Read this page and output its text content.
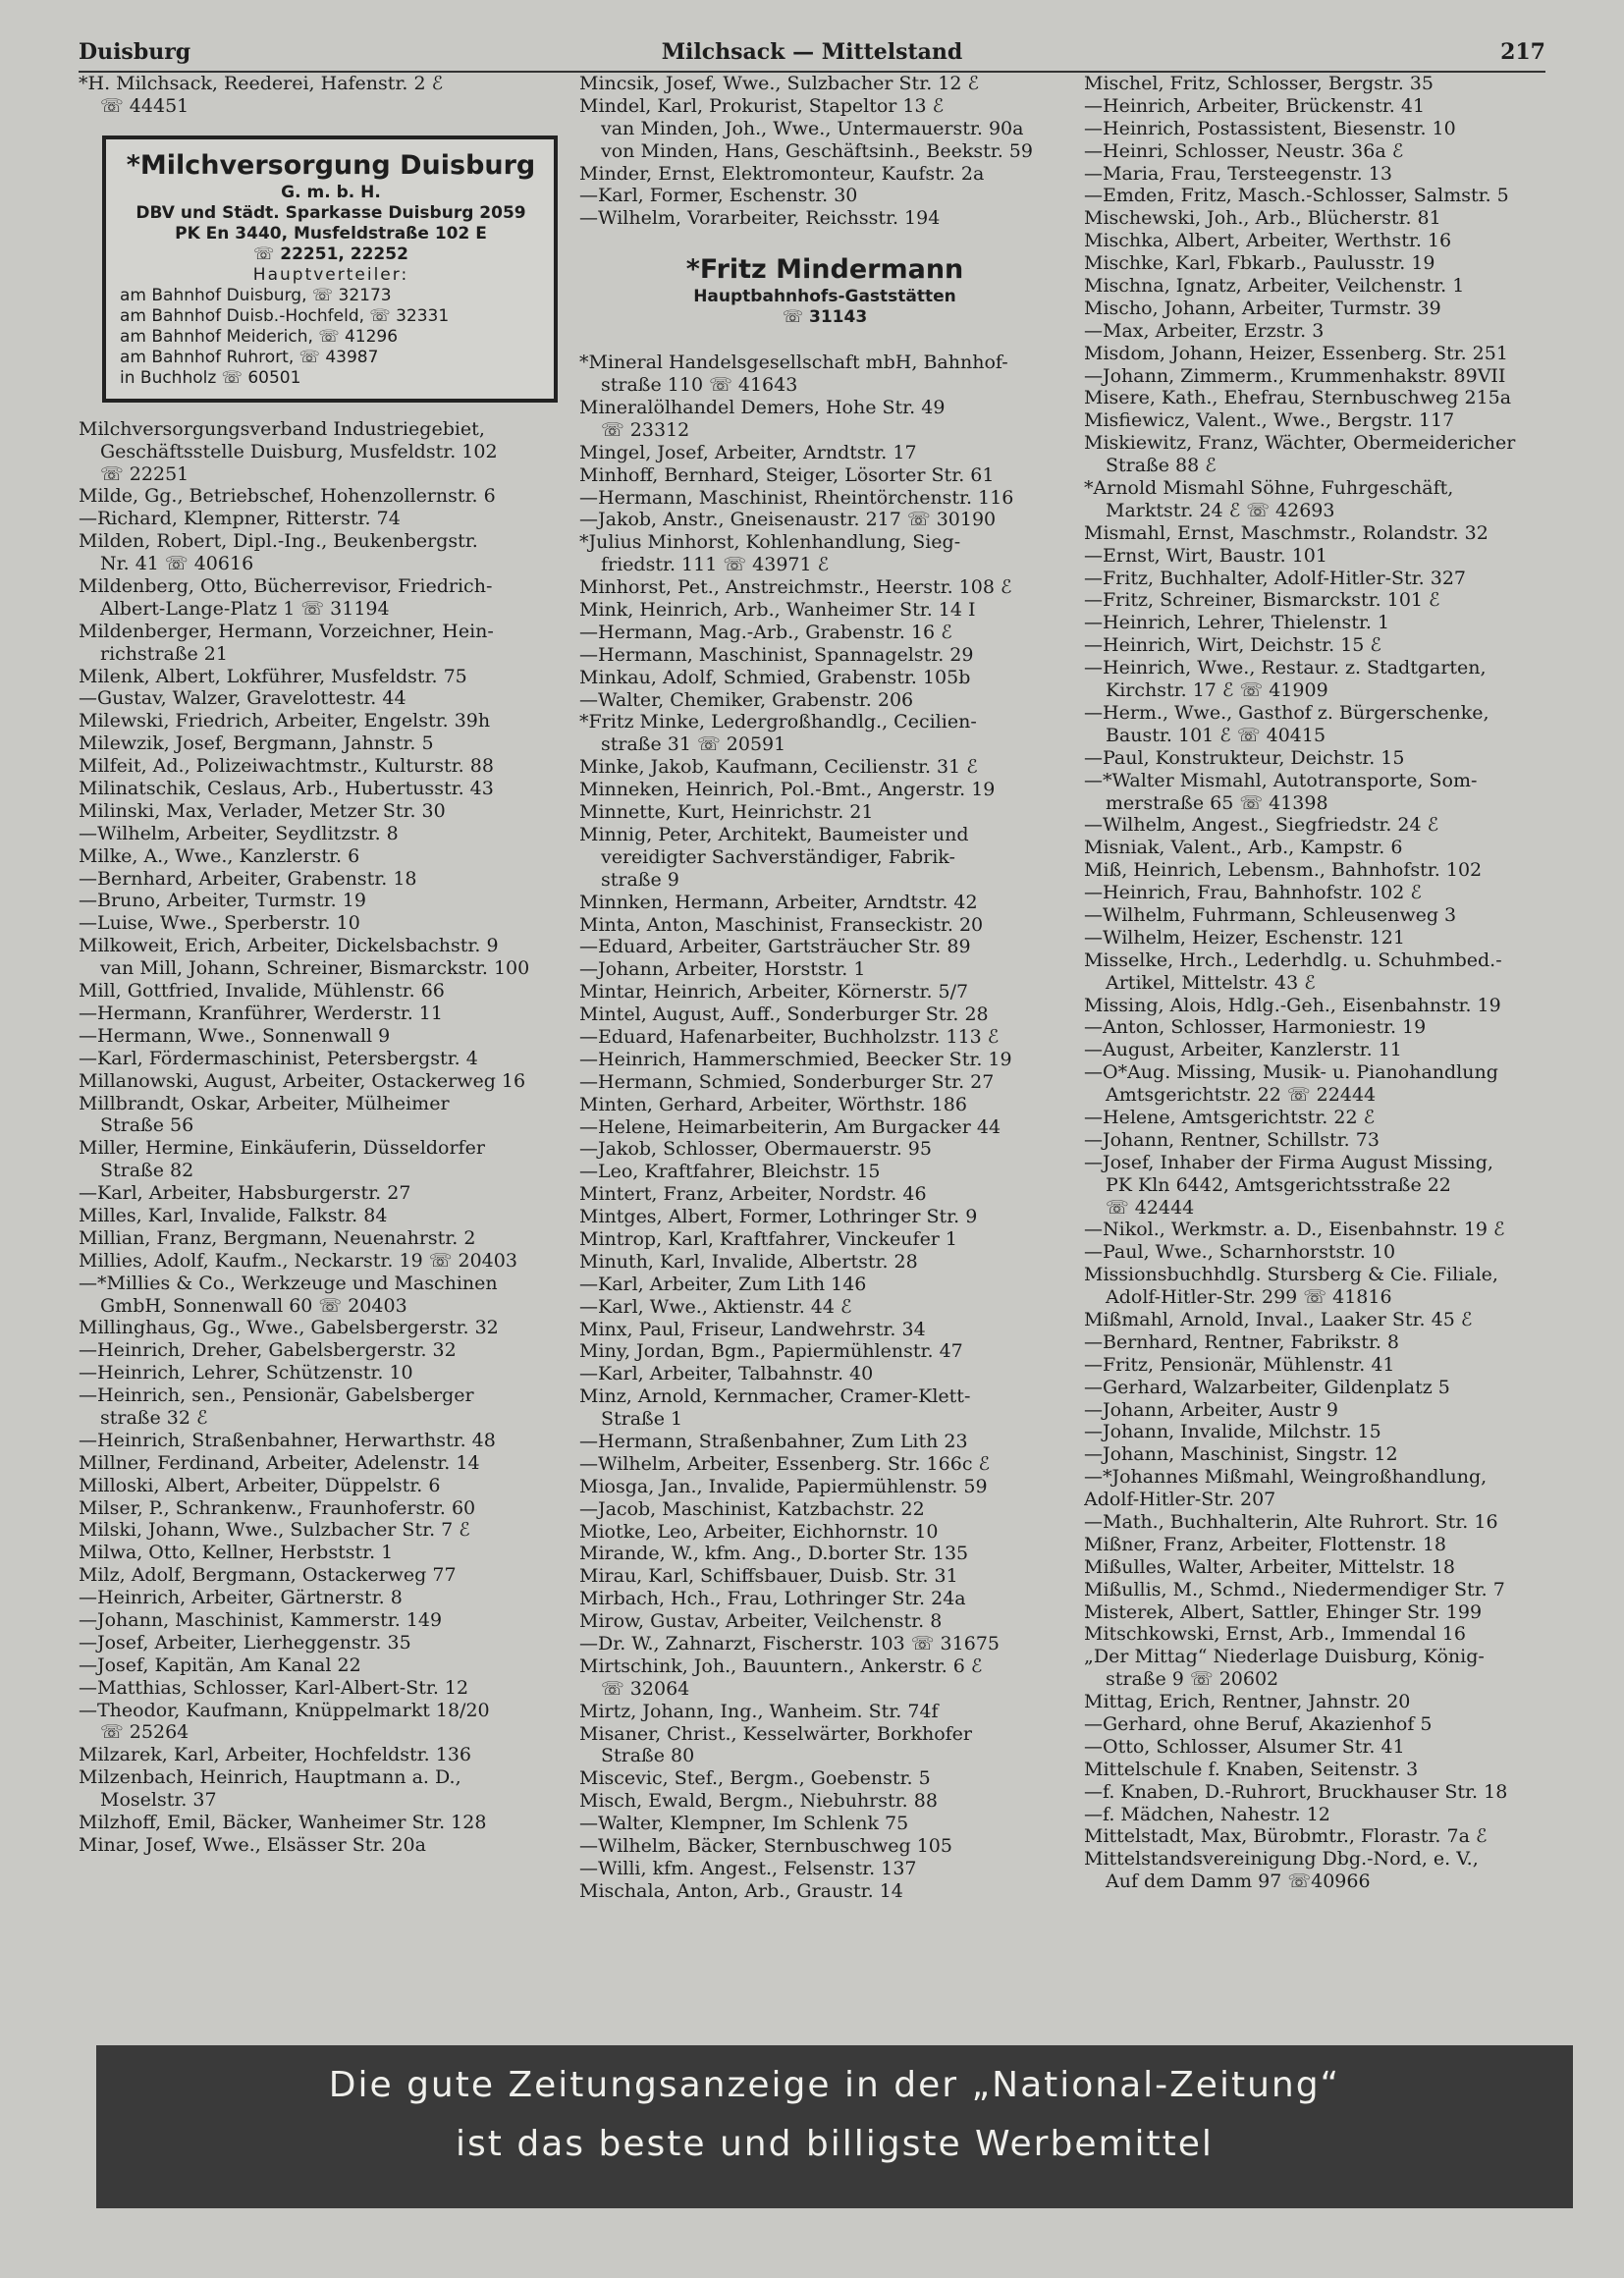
Duisburg	Milchsack — Mittelstand	217
*H. Milchsack, Reederei, Hafenstr. 2 ℰ
☏ 44451
*Milchversorgung Duisburg
G. m. b. H.
DBV und Städt. Sparkasse Duisburg 2059
PK En 3440, Musfeldstraße 102 E
☏ 22251, 22252
Hauptverteiler:
am Bahnhof Duisburg, ☏ 32173
am Bahnhof Duisb.-Hochfeld, ☏ 32331
am Bahnhof Meiderich, ☏ 41296
am Bahnhof Ruhrort, ☏ 43987
in Buchholz ☏ 60501
Milchversorgungsverband Industriegebiet,
Geschäftsstelle Duisburg, Musfeldstr. 102
☏ 22251
Milde, Gg., Betriebschef, Hohenzollernstr. 6
—Richard, Klempner, Ritterstr. 74
Milden, Robert, Dipl.-Ing., Beukenbergstr.
Nr. 41 ☏ 40616
Mildenberg, Otto, Bücherrevisor, Friedrich-
Albert-Lange-Platz 1 ☏ 31194
Mildenberger, Hermann, Vorzeichner, Hein-
richstraße 21
Milenk, Albert, Lokführer, Musfeldstr. 75
—Gustav, Walzer, Gravelottestr. 44
Milewski, Friedrich, Arbeiter, Engelstr. 39h
Milewzik, Josef, Bergmann, Jahnstr. 5
Milfeit, Ad., Polizeiwachtmstr., Kulturstr. 88
Milinatschik, Ceslaus, Arb., Hubertusstr. 43
Milinski, Max, Verlader, Metzer Str. 30
—Wilhelm, Arbeiter, Seydlitzstr. 8
Milke, A., Wwe., Kanzlerstr. 6
—Bernhard, Arbeiter, Grabenstr. 18
—Bruno, Arbeiter, Turmstr. 19
—Luise, Wwe., Sperberstr. 10
Milkoweit, Erich, Arbeiter, Dickelsbachstr. 9
van Mill, Johann, Schreiner, Bismarckstr. 100
Mill, Gottfried, Invalide, Mühlenstr. 66
—Hermann, Kranführer, Werderstr. 11
—Hermann, Wwe., Sonnenwall 9
—Karl, Fördermaschinist, Petersbergstr. 4
Millanowski, August, Arbeiter, Ostackerweg 16
Millbrandt, Oskar, Arbeiter, Mülheimer
Straße 56
Miller, Hermine, Einkäuferin, Düsseldorfer
Straße 82
—Karl, Arbeiter, Habsburgerstr. 27
Milles, Karl, Invalide, Falkstr. 84
Millian, Franz, Bergmann, Neuenahrstr. 2
Millies, Adolf, Kaufm., Neckarstr. 19 ☏ 20403
—*Millies & Co., Werkzeuge und Maschinen
GmbH, Sonnenwall 60 ☏ 20403
Millinghaus, Gg., Wwe., Gabelsbergerstr. 32
—Heinrich, Dreher, Gabelsbergerstr. 32
—Heinrich, Lehrer, Schützenstr. 10
—Heinrich, sen., Pensionär, Gabelsberger
straße 32 ℰ
—Heinrich, Straßenbahner, Herwarthstr. 48
Millner, Ferdinand, Arbeiter, Adelenstr. 14
Milloski, Albert, Arbeiter, Düppelstr. 6
Milser, P., Schrankenw., Fraunhoferstr. 60
Milski, Johann, Wwe., Sulzbacher Str. 7 ℰ
Milwa, Otto, Kellner, Herbststr. 1
Milz, Adolf, Bergmann, Ostackerweg 77
—Heinrich, Arbeiter, Gärtnerstr. 8
—Johann, Maschinist, Kammerstr. 149
—Josef, Arbeiter, Lierheggenstr. 35
—Josef, Kapitän, Am Kanal 22
—Matthias, Schlosser, Karl-Albert-Str. 12
—Theodor, Kaufmann, Knüppelmarkt 18/20
☏ 25264
Milzarek, Karl, Arbeiter, Hochfeldstr. 136
Milzenbach, Heinrich, Hauptmann a. D.,
Moselstr. 37
Milzhoff, Emil, Bäcker, Wanheimer Str. 128
Minar, Josef, Wwe., Elsässer Str. 20a
Mincsik, Josef, Wwe., Sulzbacher Str. 12 ℰ
Mindel, Karl, Prokurist, Stapeltor 13 ℰ
van Minden, Joh., Wwe., Untermauerstr. 90a
von Minden, Hans, Geschäftsinh., Beekstr. 59
Minder, Ernst, Elektromonteur, Kaufstr. 2a
—Karl, Former, Eschenstr. 30
—Wilhelm, Vorarbeiter, Reichsstr. 194
*Fritz Mindermann
Hauptbahnhofs-Gaststätten
☏ 31143
*Mineral Handelsgesellschaft mbH, Bahnhof-
straße 110 ☏ 41643
Mineralölhandel Demers, Hohe Str. 49
☏ 23312
Mingel, Josef, Arbeiter, Arndtstr. 17
Minhoff, Bernhard, Steiger, Lösorter Str. 61
—Hermann, Maschinist, Rheintörchenstr. 116
—Jakob, Anstr., Gneisenaustr. 217 ☏ 30190
*Julius Minhorst, Kohlenhandlung, Sieg-
friedstr. 111 ☏ 43971 ℰ
Minhorst, Pet., Anstreichmstr., Heerstr. 108 ℰ
Mink, Heinrich, Arb., Wanheimer Str. 14 I
—Hermann, Mag.-Arb., Grabenstr. 16 ℰ
—Hermann, Maschinist, Spannagelstr. 29
Minkau, Adolf, Schmied, Grabenstr. 105b
—Walter, Chemiker, Grabenstr. 206
*Fritz Minke, Ledergroßhandlg., Cecilien-
straße 31 ☏ 20591
Minke, Jakob, Kaufmann, Cecilienstr. 31 ℰ
Minneken, Heinrich, Pol.-Bmt., Angerstr. 19
Minnette, Kurt, Heinrichstr. 21
Minnig, Peter, Architekt, Baumeister und
vereidigter Sachverständiger, Fabrik-
straße 9
Minnken, Hermann, Arbeiter, Arndtstr. 42
Minta, Anton, Maschinist, Franseckistr. 20
—Eduard, Arbeiter, Gartsträucher Str. 89
—Johann, Arbeiter, Horststr. 1
Mintar, Heinrich, Arbeiter, Körnerstr. 5/7
Mintel, August, Auff., Sonderburger Str. 28
—Eduard, Hafenarbeiter, Buchholzstr. 113 ℰ
—Heinrich, Hammerschmied, Beecker Str. 19
—Hermann, Schmied, Sonderburger Str. 27
Minten, Gerhard, Arbeiter, Wörthstr. 186
—Helene, Heimarbeiterin, Am Burgacker 44
—Jakob, Schlosser, Obermauerstr. 95
—Leo, Kraftfahrer, Bleichstr. 15
Mintert, Franz, Arbeiter, Nordstr. 46
Mintges, Albert, Former, Lothringer Str. 9
Mintrop, Karl, Kraftfahrer, Vinckeufer 1
Minuth, Karl, Invalide, Albertstr. 28
—Karl, Arbeiter, Zum Lith 146
—Karl, Wwe., Aktienstr. 44 ℰ
Minx, Paul, Friseur, Landwehrstr. 34
Miny, Jordan, Bgm., Papiermühlenstr. 47
—Karl, Arbeiter, Talbahnstr. 40
Minz, Arnold, Kernmacher, Cramer-Klett-
Straße 1
—Hermann, Straßenbahner, Zum Lith 23
—Wilhelm, Arbeiter, Essenberg. Str. 166c ℰ
Miosga, Jan., Invalide, Papiermühlenstr. 59
—Jacob, Maschinist, Katzbachstr. 22
Miotke, Leo, Arbeiter, Eichhornstr. 10
Mirande, W., kfm. Ang., D.borter Str. 135
Mirau, Karl, Schiffsbauer, Duisb. Str. 31
Mirbach, Hch., Frau, Lothringer Str. 24a
Mirow, Gustav, Arbeiter, Veilchenstr. 8
—Dr. W., Zahnarzt, Fischerstr. 103 ☏ 31675
Mirtschink, Joh., Bauuntern., Ankerstr. 6 ℰ
☏ 32064
Mirtz, Johann, Ing., Wanheim. Str. 74f
Misaner, Christ., Kesselwärter, Borkhofer
Straße 80
Miscevic, Stef., Bergm., Goebenstr. 5
Misch, Ewald, Bergm., Niebuhrstr. 88
—Walter, Klempner, Im Schlenk 75
—Wilhelm, Bäcker, Sternbuschweg 105
—Willi, kfm. Angest., Felsenstr. 137
Mischala, Anton, Arb., Graustr. 14
Mischel, Fritz, Schlosser, Bergstr. 35
—Heinrich, Arbeiter, Brückenstr. 41
—Heinrich, Postassistent, Biesenstr. 10
—Heinri, Schlosser, Neustr. 36a ℰ
—Maria, Frau, Tersteegenstr. 13
—Emden, Fritz, Masch.-Schlosser, Salmstr. 5
Mischewski, Joh., Arb., Blücherstr. 81
Mischka, Albert, Arbeiter, Werthstr. 16
Mischke, Karl, Fbkarb., Paulusstr. 19
Mischna, Ignatz, Arbeiter, Veilchenstr. 1
Mischo, Johann, Arbeiter, Turmstr. 39
—Max, Arbeiter, Erzstr. 3
Misdom, Johann, Heizer, Essenberg. Str. 251
—Johann, Zimmerm., Krummenhakstr. 89VII
Misere, Kath., Ehefrau, Sternbuschweg 215a
Misfiewicz, Valent., Wwe., Bergstr. 117
Miskiewitz, Franz, Wächter, Obermeidericher
Straße 88 ℰ
*Arnold Mismahl Söhne, Fuhrgeschäft,
Marktstr. 24 ℰ ☏ 42693
Mismahl, Ernst, Maschmstr., Rolandstr. 32
—Ernst, Wirt, Baustr. 101
—Fritz, Buchhalter, Adolf-Hitler-Str. 327
—Fritz, Schreiner, Bismarckstr. 101 ℰ
—Heinrich, Lehrer, Thielenstr. 1
—Heinrich, Wirt, Deichstr. 15 ℰ
—Heinrich, Wwe., Restaur. z. Stadtgarten,
Kirchstr. 17 ℰ ☏ 41909
—Herm., Wwe., Gasthof z. Bürgerschenke,
Baustr. 101 ℰ ☏ 40415
—Paul, Konstrukteur, Deichstr. 15
—*Walter Mismahl, Autotransporte, Som-
merstraße 65 ☏ 41398
—Wilhelm, Angest., Siegfriedstr. 24 ℰ
Misniak, Valent., Arb., Kampstr. 6
Miß, Heinrich, Lebensm., Bahnhofstr. 102
—Heinrich, Frau, Bahnhofstr. 102 ℰ
—Wilhelm, Fuhrmann, Schleusenweg 3
—Wilhelm, Heizer, Eschenstr. 121
Misselke, Hrch., Lederhdlg. u. Schuhmbed.-
Artikel, Mittelstr. 43 ℰ
Missing, Alois, Hdlg.-Geh., Eisenbahnstr. 19
—Anton, Schlosser, Harmoniestr. 19
—August, Arbeiter, Kanzlerstr. 11
—O*Aug. Missing, Musik- u. Pianohandlung
Amtsgerichtstr. 22 ☏ 22444
—Helene, Amtsgerichtstr. 22 ℰ
—Johann, Rentner, Schillstr. 73
—Josef, Inhaber der Firma August Missing,
PK Kln 6442, Amtsgerichtsstraße 22
☏ 42444
—Nikol., Werkmstr. a. D., Eisenbahnstr. 19 ℰ
—Paul, Wwe., Scharnhorststr. 10
Missionsbuchhdlg. Stursberg & Cie. Filiale,
Adolf-Hitler-Str. 299 ☏ 41816
Mißmahl, Arnold, Inval., Laaker Str. 45 ℰ
—Bernhard, Rentner, Fabrikstr. 8
—Fritz, Pensionär, Mühlenstr. 41
—Gerhard, Walzarbeiter, Gildenplatz 5
—Johann, Arbeiter, Austr 9
—Johann, Invalide, Milchstr. 15
—Johann, Maschinist, Singstr. 12
—*Johannes Mißmahl, Weingroßhandlung,
Adolf-Hitler-Str. 207
—Math., Buchhalterin, Alte Ruhrort. Str. 16
Mißner, Franz, Arbeiter, Flottenstr. 18
Mißulles, Walter, Arbeiter, Mittelstr. 18
Mißullis, M., Schmd., Niedermendiger Str. 7
Misterek, Albert, Sattler, Ehinger Str. 199
Mitschkowski, Ernst, Arb., Immendal 16
„Der Mittag“ Niederlage Duisburg, König-
straße 9 ☏ 20602
Mittag, Erich, Rentner, Jahnstr. 20
—Gerhard, ohne Beruf, Akazienhof 5
—Otto, Schlosser, Alsumer Str. 41
Mittelschule f. Knaben, Seitenstr. 3
—f. Knaben, D.-Ruhrort, Bruckhauser Str. 18
—f. Mädchen, Nahestr. 12
Mittelstadt, Max, Bürobmtr., Florastr. 7a ℰ
Mittelstandsvereinigung Dbg.-Nord, e. V.,
Auf dem Damm 97 ☏40966
Die gute Zeitungsanzeige in der „National-Zeitung“
ist das beste und billigste Werbemittel
